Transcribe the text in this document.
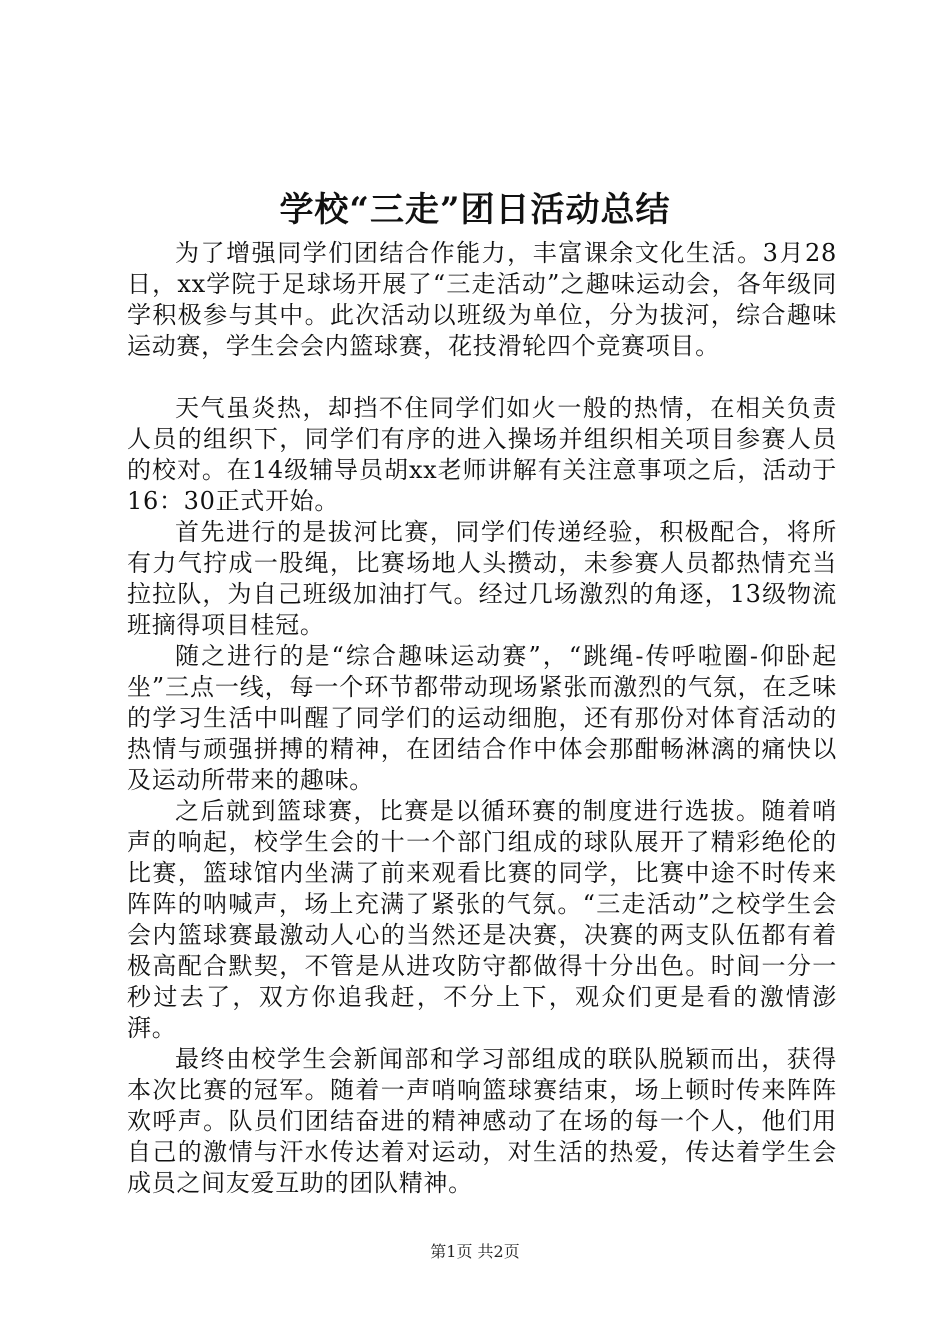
学校“三走”团日活动总结

为了增强同学们团结合作能力，丰富课余文化生活。3月28日，xx学院于足球场开展了“三走活动”之趣味运动会，各年级同学积极参与其中。此次活动以班级为单位，分为拔河，综合趣味运动赛，学生会会内篮球赛，花技滑轮四个竞赛项目。

天气虽炎热，却挡不住同学们如火一般的热情，在相关负责人员的组织下，同学们有序的进入操场并组织相关项目参赛人员的校对。在14级辅导员胡xx老师讲解有关注意事项之后，活动于16：30正式开始。

首先进行的是拔河比赛，同学们传递经验，积极配合，将所有力气拧成一股绳，比赛场地人头攒动，未参赛人员都热情充当拉拉队，为自己班级加油打气。经过几场激烈的角逐，13级物流班摘得项目桂冠。

随之进行的是“综合趣味运动赛”，“跳绳-传呼啦圈-仰卧起坐”三点一线，每一个环节都带动现场紧张而激烈的气氛，在乏味的学习生活中叫醒了同学们的运动细胞，还有那份对体育活动的热情与顽强拼搏的精神，在团结合作中体会那酣畅淋漓的痛快以及运动所带来的趣味。

之后就到篮球赛，比赛是以循环赛的制度进行选拔。随着哨声的响起，校学生会的十一个部门组成的球队展开了精彩绝伦的比赛，篮球馆内坐满了前来观看比赛的同学，比赛中途不时传来阵阵的呐喊声，场上充满了紧张的气氛。“三走活动”之校学生会会内篮球赛最激动人心的当然还是决赛，决赛的两支队伍都有着极高配合默契，不管是从进攻防守都做得十分出色。时间一分一秒过去了，双方你追我赶，不分上下，观众们更是看的激情澎湃。

最终由校学生会新闻部和学习部组成的联队脱颖而出，获得本次比赛的冠军。随着一声哨响篮球赛结束，场上顿时传来阵阵欢呼声。队员们团结奋进的精神感动了在场的每一个人，他们用自己的激情与汗水传达着对运动，对生活的热爱，传达着学生会成员之间友爱互助的团队精神。

第1页 共2页
